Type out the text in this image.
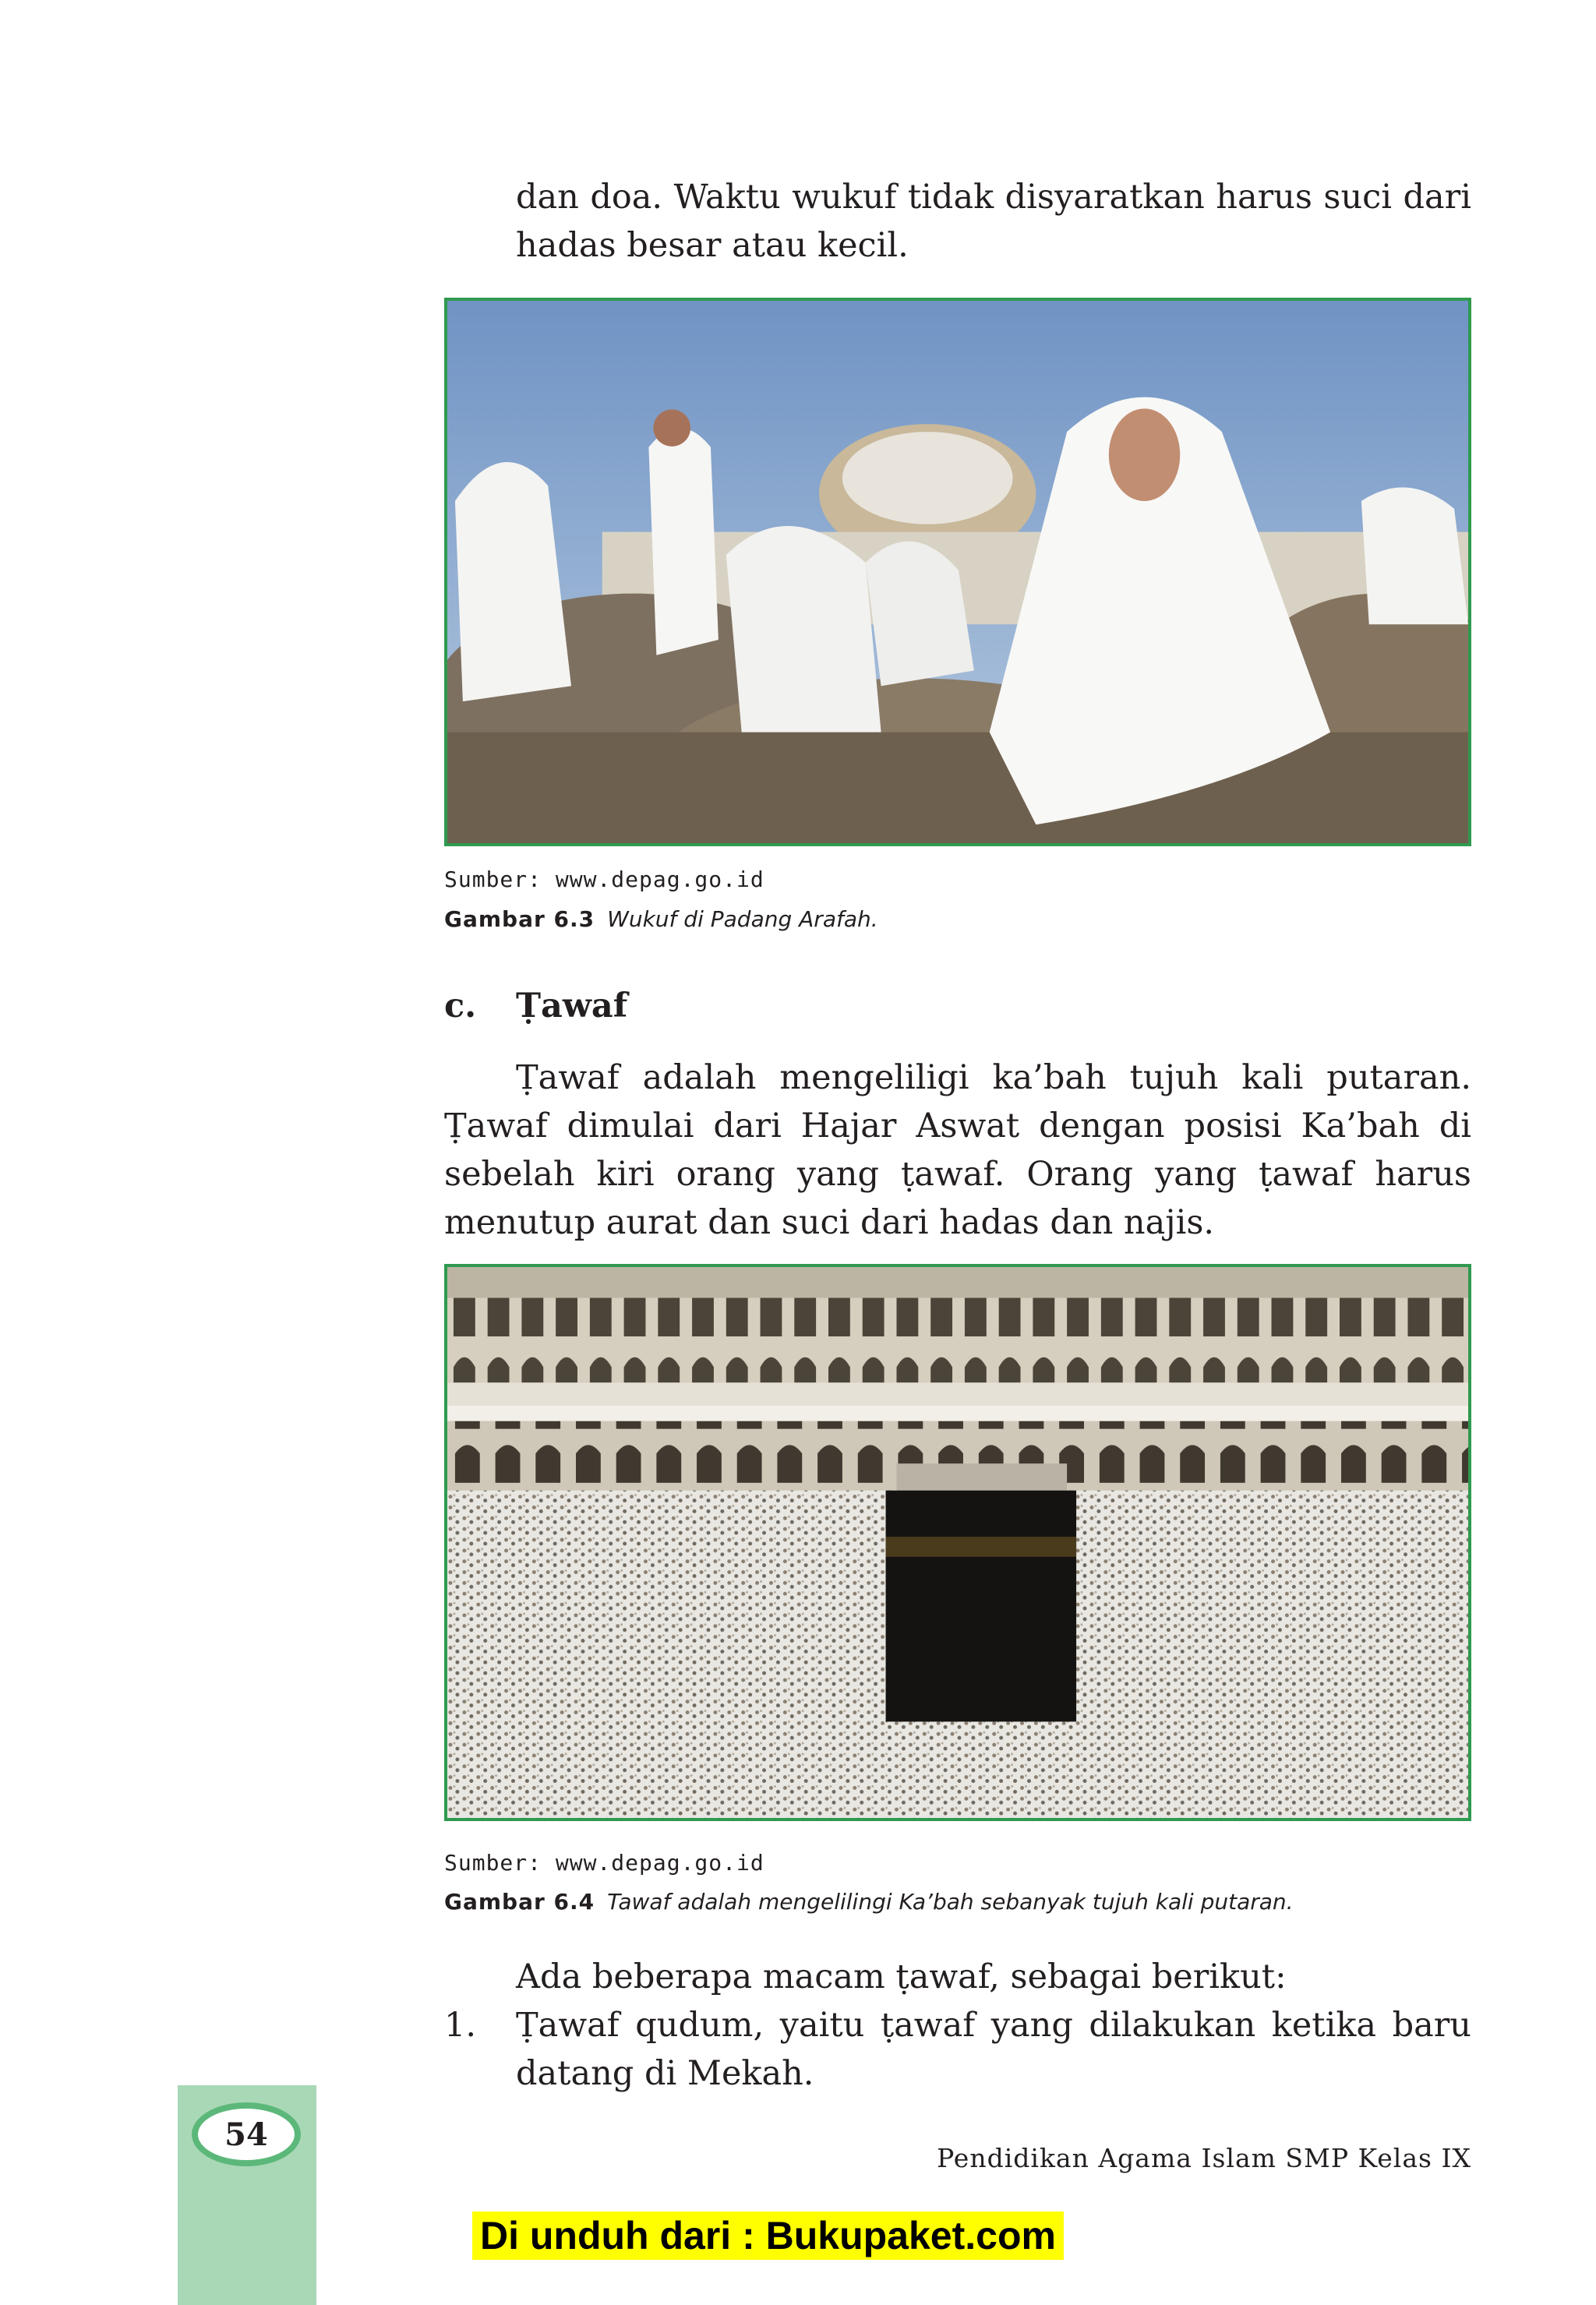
dan doa. Waktu wukuf tidak disyaratkan harus suci dari hadas besar atau kecil.

Sumber: www.depag.go.id
Gambar 6.3 Wukuf di Padang Arafah.
c. Ṭawaf

Ṭawaf adalah mengeliligi ka’bah tujuh kali putaran. Ṭawaf dimulai dari Hajar Aswat dengan posisi Ka’bah di sebelah kiri orang yang ṭawaf. Orang yang ṭawaf harus menutup aurat dan suci dari hadas dan najis.

Sumber: www.depag.go.id
Gambar 6.4 Tawaf adalah mengelilingi Ka’bah sebanyak tujuh kali putaran.

Ada beberapa macam ṭawaf, sebagai berikut:

1.	Ṭawaf qudum, yaitu ṭawaf yang dilakukan ketika baru datang di Mekah.
54
Pendidikan Agama Islam SMP Kelas IX
Di unduh dari : Bukupaket.com
